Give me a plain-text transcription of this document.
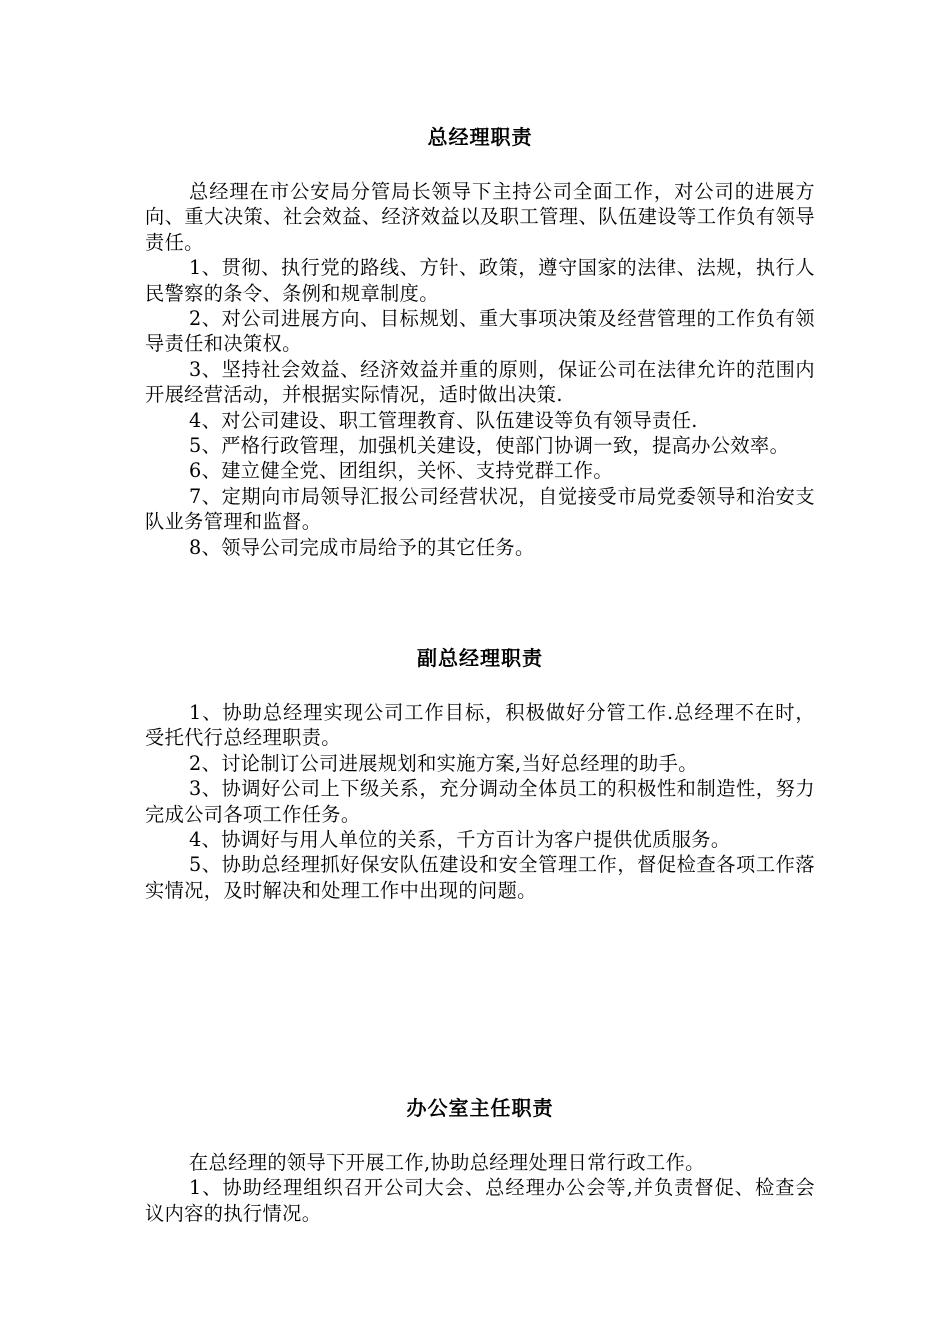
总经理职责

总经理在市公安局分管局长领导下主持公司全面工作，对公司的进展方向、重大决策、社会效益、经济效益以及职工管理、队伍建设等工作负有领导责任。

1、贯彻、执行党的路线、方针、政策，遵守国家的法律、法规，执行人民警察的条令、条例和规章制度。

2、对公司进展方向、目标规划、重大事项决策及经营管理的工作负有领导责任和决策权。

3、坚持社会效益、经济效益并重的原则，保证公司在法律允许的范围内开展经营活动，并根据实际情况，适时做出决策.

4、对公司建设、职工管理教育、队伍建设等负有领导责任.

5、严格行政管理，加强机关建设，使部门协调一致，提高办公效率。

6、建立健全党、团组织，关怀、支持党群工作。

7、定期向市局领导汇报公司经营状况，自觉接受市局党委领导和治安支队业务管理和监督。

8、领导公司完成市局给予的其它任务。

副总经理职责

1、协助总经理实现公司工作目标，积极做好分管工作.总经理不在时，受托代行总经理职责。

2、讨论制订公司进展规划和实施方案,当好总经理的助手。

3、协调好公司上下级关系，充分调动全体员工的积极性和制造性，努力完成公司各项工作任务。

4、协调好与用人单位的关系，千方百计为客户提供优质服务。

5、协助总经理抓好保安队伍建设和安全管理工作，督促检查各项工作落实情况，及时解决和处理工作中出现的问题。

办公室主任职责

在总经理的领导下开展工作,协助总经理处理日常行政工作。

1、协助经理组织召开公司大会、总经理办公会等,并负责督促、检查会议内容的执行情况。
